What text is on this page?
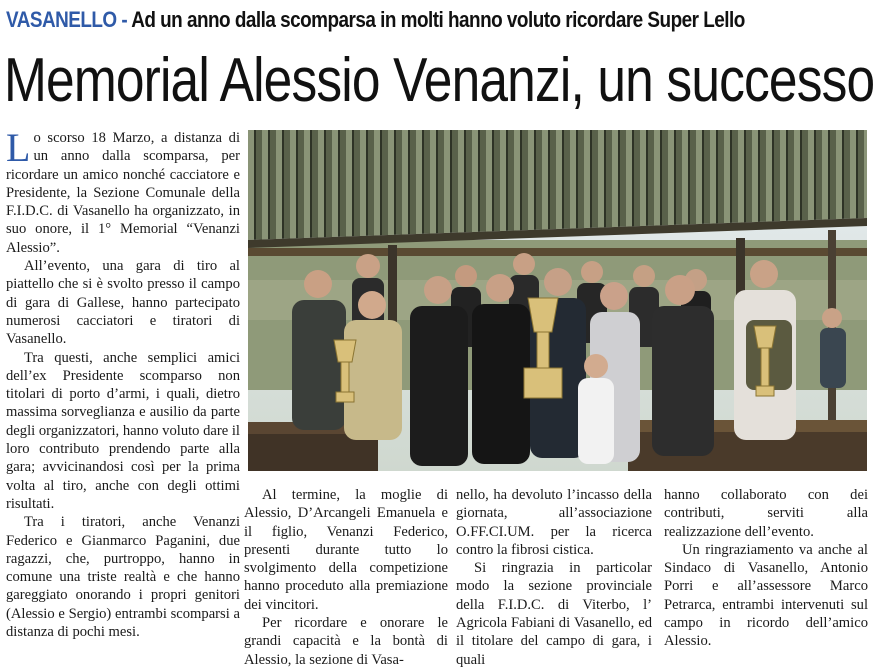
VASANELLO - Ad un anno dalla scomparsa in molti hanno voluto ricordare Super Lello
Memorial Alessio Venanzi, un successo

Lo scorso 18 Marzo, a distanza di un anno dalla scomparsa, per ricordare un amico nonché cacciatore e Presidente, la Sezione Comunale della F.I.D.C. di Vasanello ha organizzato, in suo onore, il 1° Memorial “Venanzi Alessio”.

All’evento, una gara di tiro al piattello che si è svolto presso il campo di gara di Gallese, hanno partecipato numerosi cacciatori e tiratori di Vasanello.

Tra questi, anche semplici amici dell’ex Presidente scomparso non titolari di porto d’armi, i quali, dietro massima sorveglianza e ausilio da parte degli organizzatori, hanno voluto dare il loro contributo prendendo parte alla gara; avvicinandosi così per la prima volta al tiro, anche con degli ottimi risultati.

Tra i tiratori, anche Venanzi Federico e Gianmarco Paganini, due ragazzi, che, purtroppo, hanno in comune una triste realtà e che hanno gareggiato onorando i propri genitori (Alessio e Sergio) entrambi scomparsi a distanza di pochi mesi.

Al termine, la moglie di Alessio, D’Arcangeli Emanuela e il figlio, Venanzi Federico, presenti durante tutto lo svolgimento della competizione hanno proceduto alla premiazione dei vincitori.

Per ricordare e onorare le grandi capacità e la bontà di Alessio, la sezione di Vasa-

nello, ha devoluto l’incasso della giornata, all’associazione O.FF.CI.UM. per la ricerca contro la fibrosi cistica.

Si ringrazia in particolar modo la sezione provinciale della F.I.D.C. di Viterbo, l’ Agricola Fabiani di Vasanello, ed il titolare del campo di gara, i quali

hanno collaborato con dei contributi, serviti alla realizzazione dell’evento.

Un ringraziamento va anche al Sindaco di Vasanello, Antonio Porri e all’assessore Marco Petrarca, entrambi intervenuti sul campo in ricordo dell’amico Alessio.
